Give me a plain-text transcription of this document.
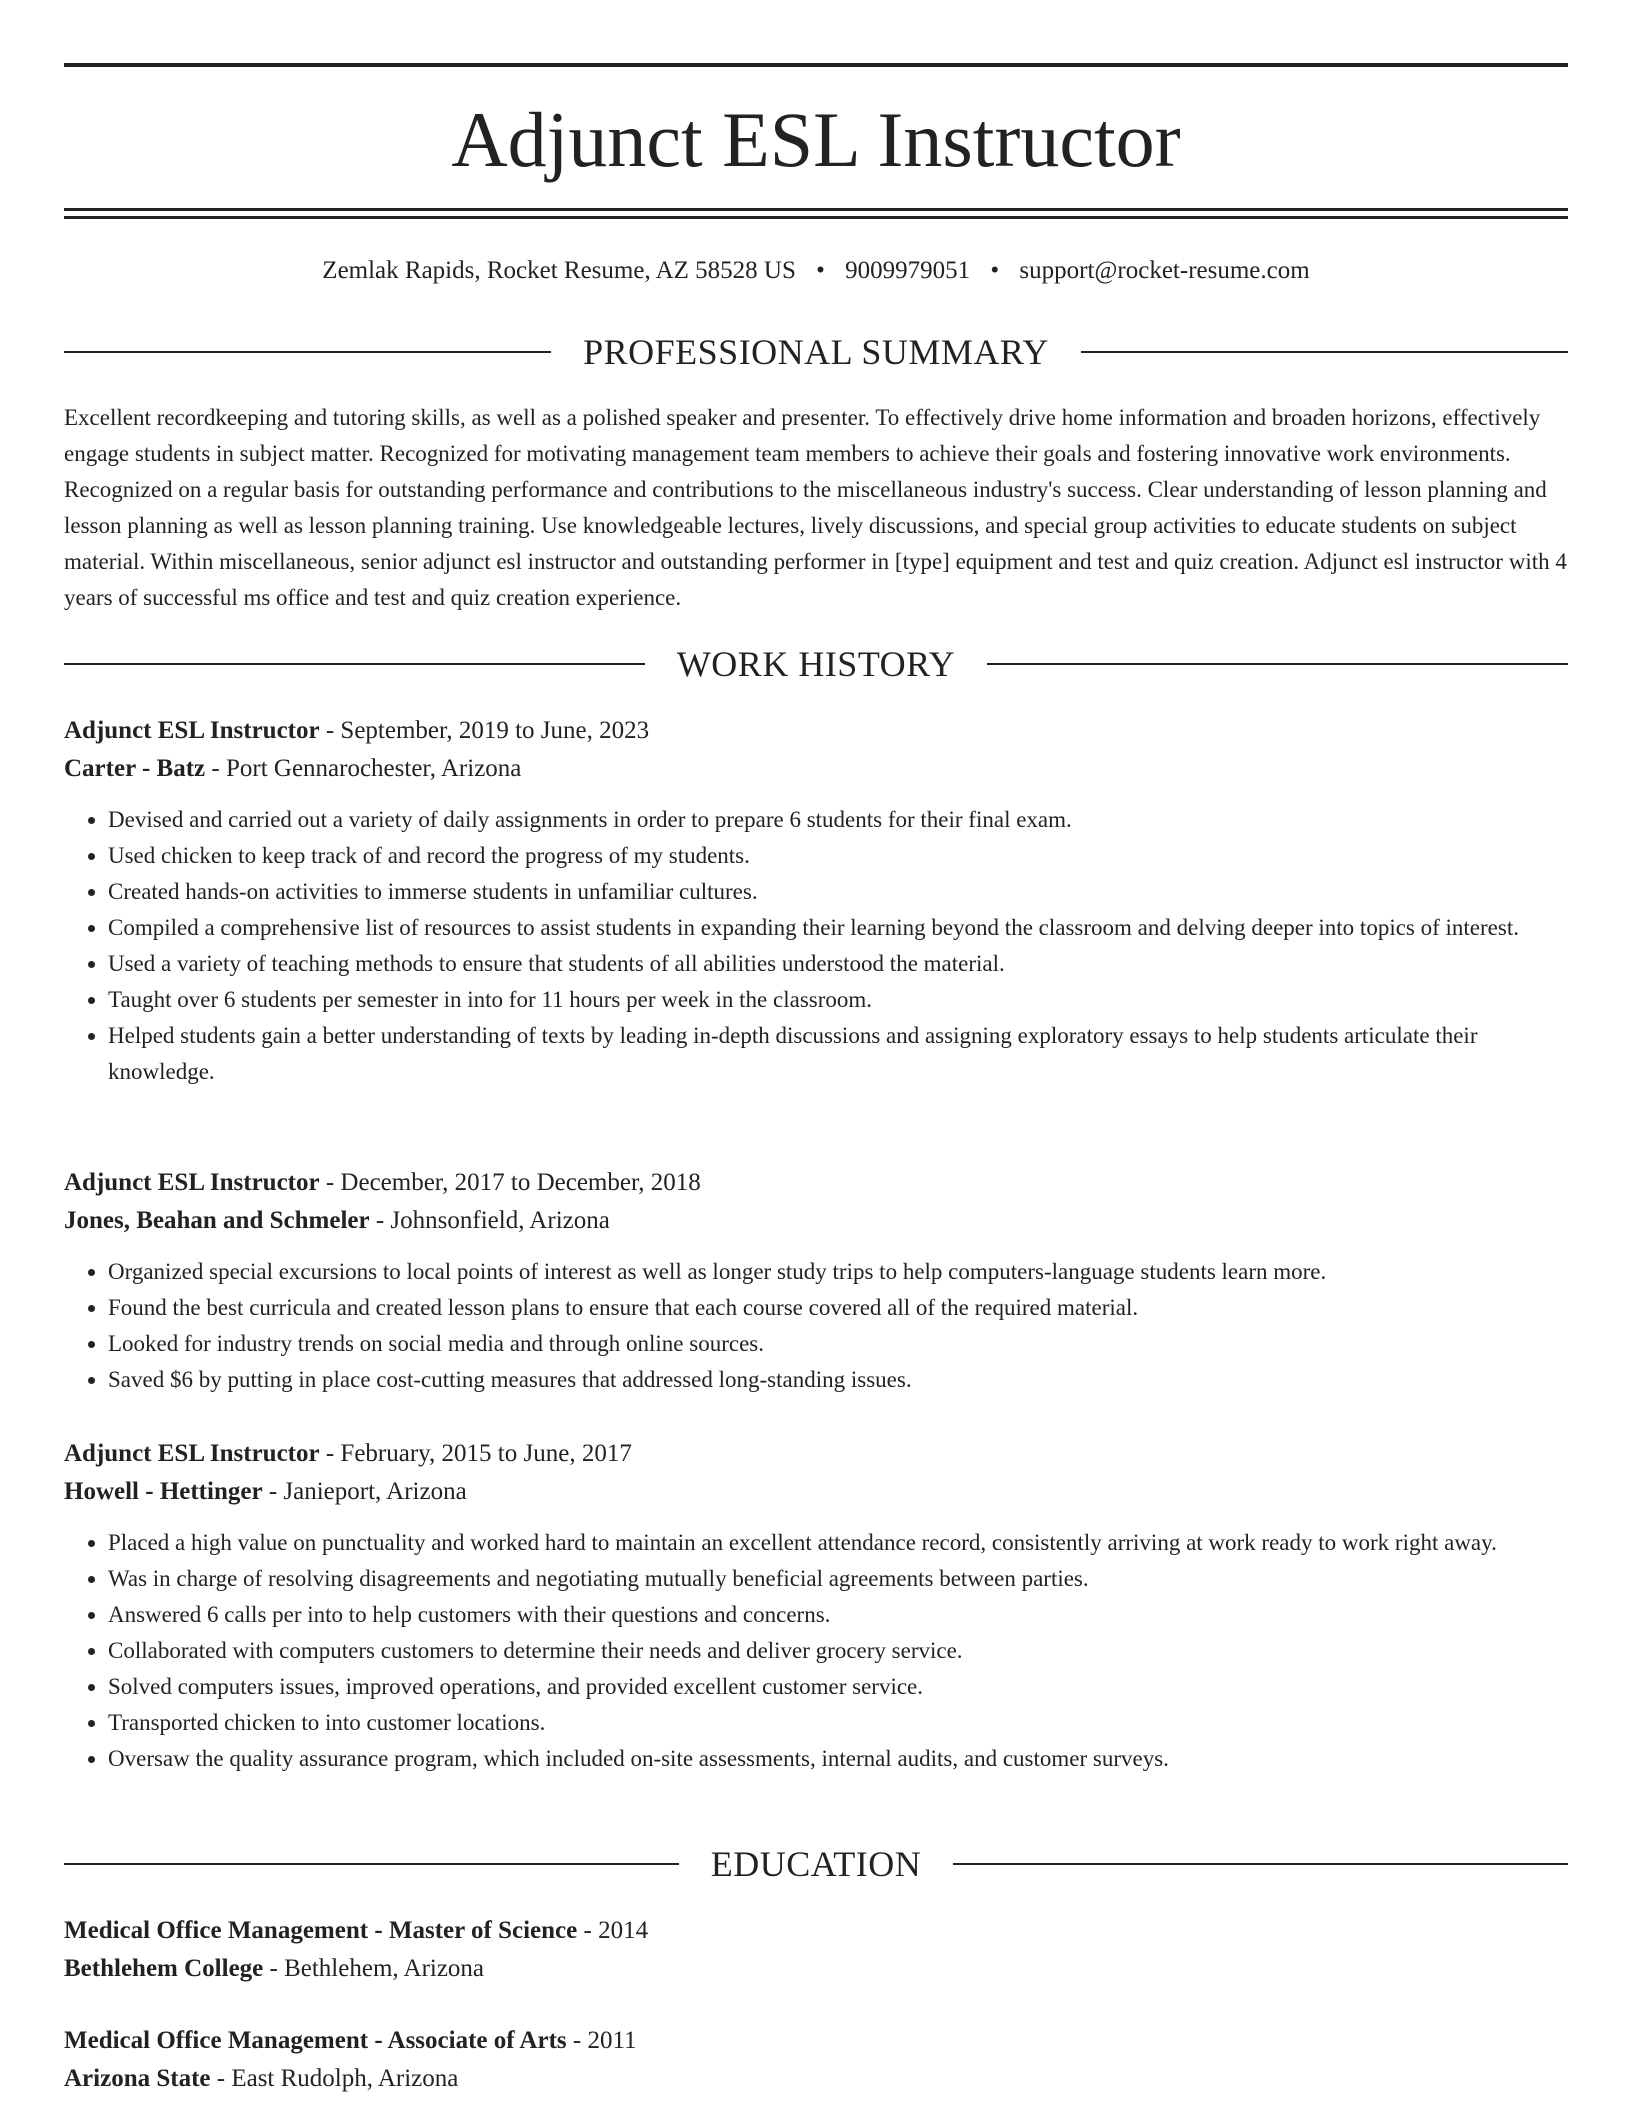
Adjunct ESL Instructor
Zemlak Rapids, Rocket Resume, AZ 58528 US • 9009979051 • support@rocket-resume.com
PROFESSIONAL SUMMARY

Excellent recordkeeping and tutoring skills, as well as a polished speaker and presenter. To effectively drive home information and broaden horizons, effectively engage students in subject matter. Recognized for motivating management team members to achieve their goals and fostering innovative work environments. Recognized on a regular basis for outstanding performance and contributions to the miscellaneous industry's success. Clear understanding of lesson planning and lesson planning as well as lesson planning training. Use knowledgeable lectures, lively discussions, and special group activities to educate students on subject material. Within miscellaneous, senior adjunct esl instructor and outstanding performer in [type] equipment and test and quiz creation. Adjunct esl instructor with 4 years of successful ms office and test and quiz creation experience.

WORK HISTORY
Adjunct ESL Instructor - September, 2019 to June, 2023
Carter - Batz - Port Gennarochester, Arizona
• Devised and carried out a variety of daily assignments in order to prepare 6 students for their final exam.
• Used chicken to keep track of and record the progress of my students.
• Created hands-on activities to immerse students in unfamiliar cultures.
• Compiled a comprehensive list of resources to assist students in expanding their learning beyond the classroom and delving deeper into topics of interest.
• Used a variety of teaching methods to ensure that students of all abilities understood the material.
• Taught over 6 students per semester in into for 11 hours per week in the classroom.
• Helped students gain a better understanding of texts by leading in-depth discussions and assigning exploratory essays to help students articulate their knowledge.
Adjunct ESL Instructor - December, 2017 to December, 2018
Jones, Beahan and Schmeler - Johnsonfield, Arizona
• Organized special excursions to local points of interest as well as longer study trips to help computers-language students learn more.
• Found the best curricula and created lesson plans to ensure that each course covered all of the required material.
• Looked for industry trends on social media and through online sources.
• Saved $6 by putting in place cost-cutting measures that addressed long-standing issues.
Adjunct ESL Instructor - February, 2015 to June, 2017
Howell - Hettinger - Janieport, Arizona
• Placed a high value on punctuality and worked hard to maintain an excellent attendance record, consistently arriving at work ready to work right away.
• Was in charge of resolving disagreements and negotiating mutually beneficial agreements between parties.
• Answered 6 calls per into to help customers with their questions and concerns.
• Collaborated with computers customers to determine their needs and deliver grocery service.
• Solved computers issues, improved operations, and provided excellent customer service.
• Transported chicken to into customer locations.
• Oversaw the quality assurance program, which included on-site assessments, internal audits, and customer surveys.
EDUCATION
Medical Office Management - Master of Science - 2014
Bethlehem College - Bethlehem, Arizona
Medical Office Management - Associate of Arts - 2011
Arizona State - East Rudolph, Arizona
